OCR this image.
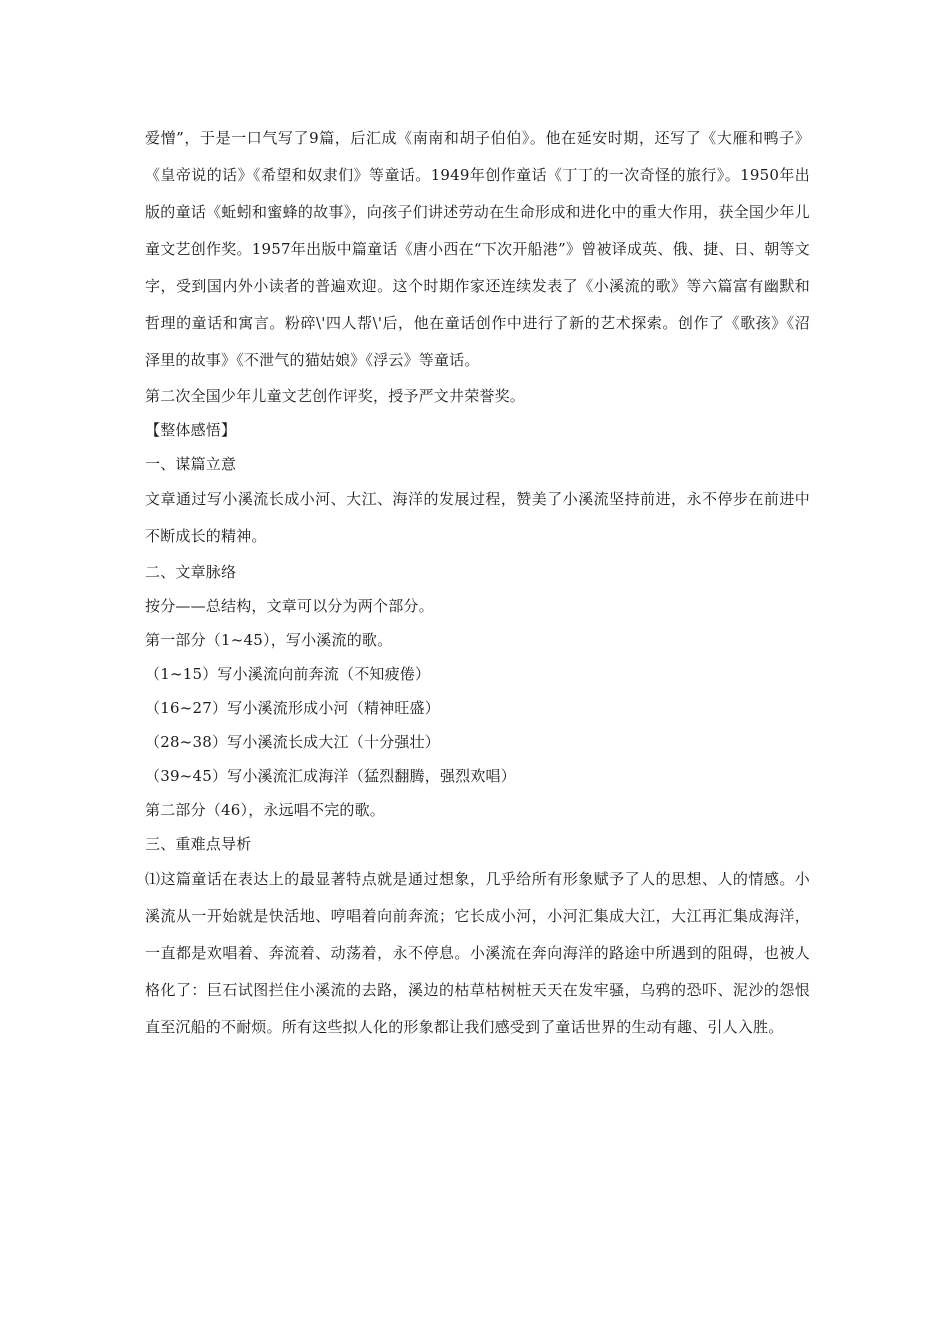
爱憎”，于是一口气写了9篇，后汇成《南南和胡子伯伯》。他在延安时期，还写了《大雁和鸭子》《皇帝说的话》《希望和奴隶们》等童话。1949年创作童话《丁丁的一次奇怪的旅行》。1950年出版的童话《蚯蚓和蜜蜂的故事》，向孩子们讲述劳动在生命形成和进化中的重大作用，获全国少年儿童文艺创作奖。1957年出版中篇童话《唐小西在“下次开船港”》曾被译成英、俄、捷、日、朝等文字，受到国内外小读者的普遍欢迎。这个时期作家还连续发表了《小溪流的歌》等六篇富有幽默和哲理的童话和寓言。粉碎\'四人帮\'后，他在童话创作中进行了新的艺术探索。创作了《歌孩》《沼泽里的故事》《不泄气的猫姑娘》《浮云》等童话。

第二次全国少年儿童文艺创作评奖，授予严文井荣誉奖。

【整体感悟】

一、谋篇立意

文章通过写小溪流长成小河、大江、海洋的发展过程，赞美了小溪流坚持前进，永不停步在前进中不断成长的精神。

二、文章脉络

按分——总结构，文章可以分为两个部分。

第一部分（1~45），写小溪流的歌。

（1~15）写小溪流向前奔流（不知疲倦）

（16~27）写小溪流形成小河（精神旺盛）

（28~38）写小溪流长成大江（十分强壮）

（39~45）写小溪流汇成海洋（猛烈翻腾，强烈欢唱）

第二部分（46），永远唱不完的歌。

三、重难点导析

⑴这篇童话在表达上的最显著特点就是通过想象，几乎给所有形象赋予了人的思想、人的情感。小溪流从一开始就是快活地、哼唱着向前奔流；它长成小河，小河汇集成大江，大江再汇集成海洋，一直都是欢唱着、奔流着、动荡着，永不停息。小溪流在奔向海洋的路途中所遇到的阻碍，也被人格化了：巨石试图拦住小溪流的去路，溪边的枯草枯树桩天天在发牢骚，乌鸦的恐吓、泥沙的怨恨直至沉船的不耐烦。所有这些拟人化的形象都让我们感受到了童话世界的生动有趣、引人入胜。
